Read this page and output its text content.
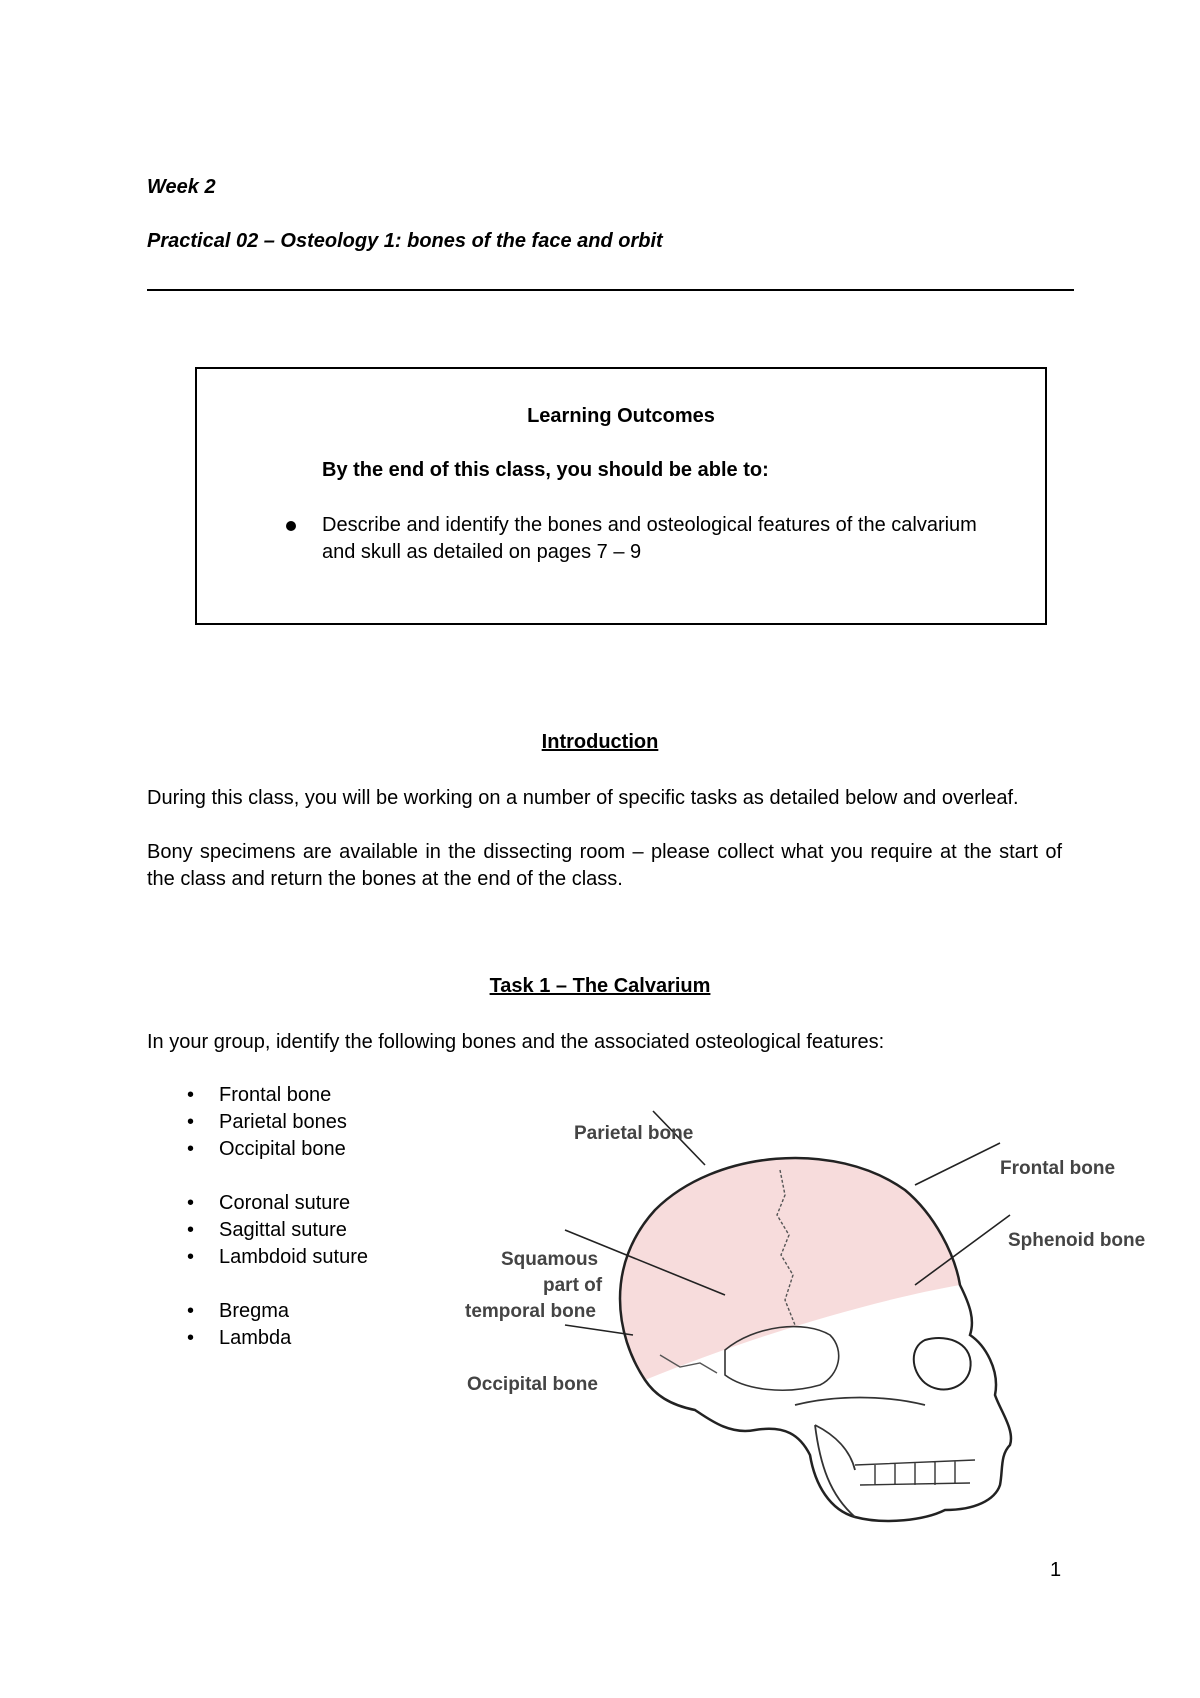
Week 2
Practical 02 – Osteology 1: bones of the face and orbit
Learning Outcomes
By the end of this class, you should be able to:
Describe and identify the bones and osteological features of the calvarium and skull as detailed on pages 7 – 9
Introduction
During this class, you will be working on a number of specific tasks as detailed below and overleaf.
Bony specimens are available in the dissecting room – please collect what you require at the start of the class and return the bones at the end of the class.
Task 1 – The Calvarium
In your group, identify the following bones and the associated osteological features:
• Frontal bone
• Parietal bones
• Occipital bone
• Coronal suture
• Sagittal suture
• Lambdoid suture
• Bregma
• Lambda
Parietal bone
Frontal bone
Sphenoid bone
Squamous
part of
temporal bone
Occipital bone
1
